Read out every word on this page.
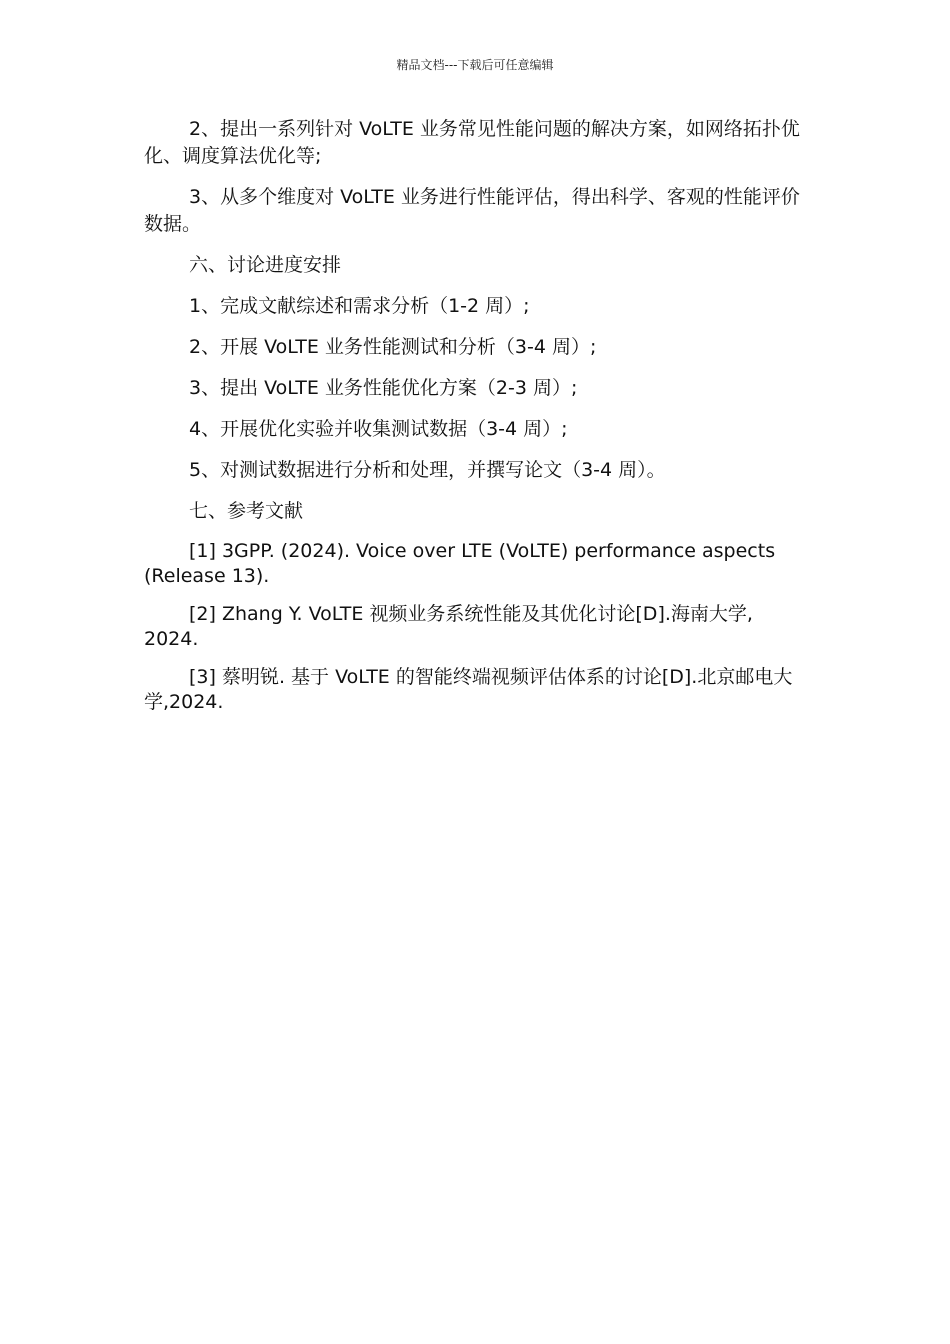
精品文档---下载后可任意编辑

2、提出一系列针对 VoLTE 业务常见性能问题的解决方案，如网络拓扑优化、调度算法优化等;

3、从多个维度对 VoLTE 业务进行性能评估，得出科学、客观的性能评价数据。

六、讨论进度安排

1、完成文献综述和需求分析（1-2 周）;

2、开展 VoLTE 业务性能测试和分析（3-4 周）;

3、提出 VoLTE 业务性能优化方案（2-3 周）;

4、开展优化实验并收集测试数据（3-4 周）;

5、对测试数据进行分析和处理，并撰写论文（3-4 周）。

七、参考文献

[1] 3GPP. (2024). Voice over LTE (VoLTE) performance aspects (Release 13).

[2] Zhang Y. VoLTE 视频业务系统性能及其优化讨论[D].海南大学, 2024.

[3] 蔡明锐. 基于 VoLTE 的智能终端视频评估体系的讨论[D].北京邮电大学,2024.
